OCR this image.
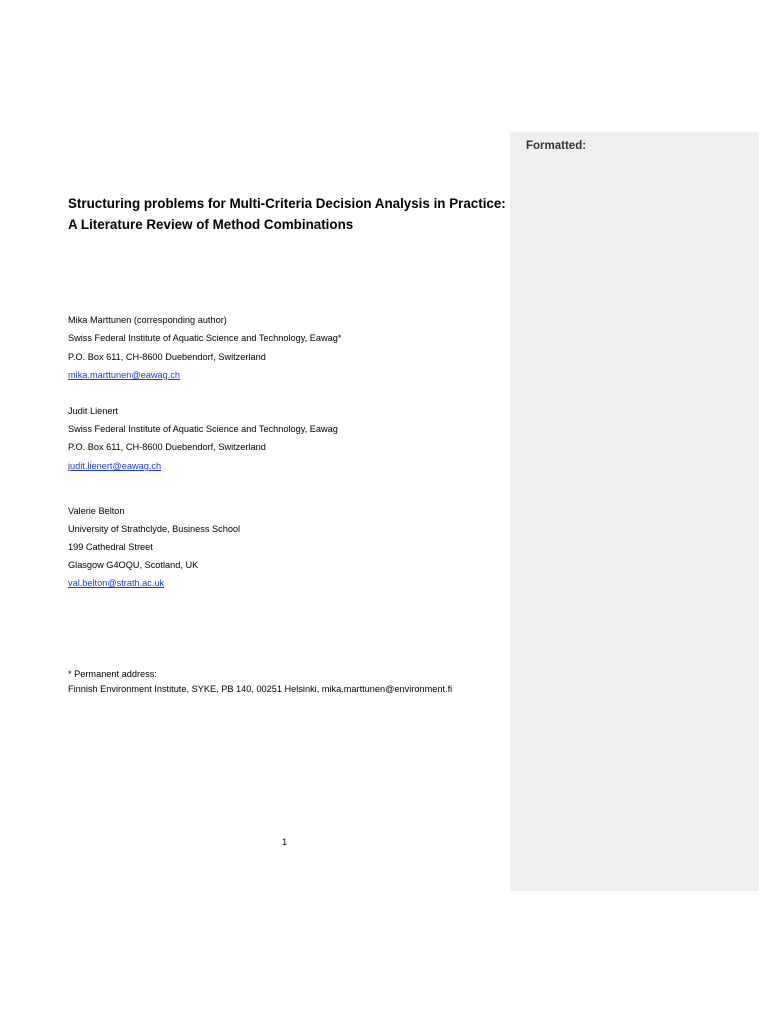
Formatted:
Structuring problems for Multi-Criteria Decision Analysis in Practice:
A Literature Review of Method Combinations
Mika Marttunen (corresponding author)
Swiss Federal Institute of Aquatic Science and Technology, Eawag*
P.O. Box 611, CH-8600 Duebendorf, Switzerland
mika.marttunen@eawag.ch
Judit Lienert
Swiss Federal Institute of Aquatic Science and Technology, Eawag
P.O. Box 611, CH-8600 Duebendorf, Switzerland
judit.lienert@eawag.ch
Valerie Belton
University of Strathclyde, Business School
199 Cathedral Street
Glasgow G4OQU, Scotland, UK
val.belton@strath.ac.uk
* Permanent address:
Finnish Environment Institute, SYKE, PB 140, 00251 Helsinki, mika.marttunen@environment.fi
1
